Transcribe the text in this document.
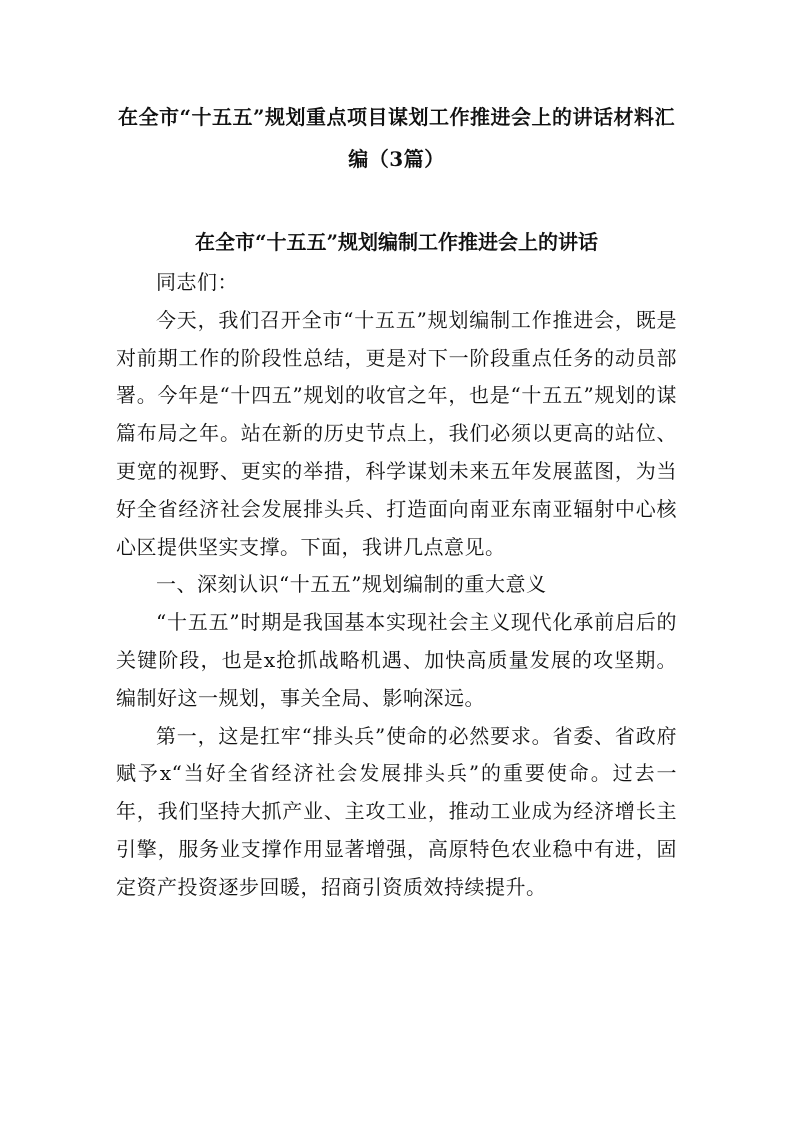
在全市“十五五”规划重点项目谋划工作推进会上的讲话材料汇编（3篇）
在全市“十五五”规划编制工作推进会上的讲话

同志们：

今天，我们召开全市“十五五”规划编制工作推进会，既是对前期工作的阶段性总结，更是对下一阶段重点任务的动员部署。今年是“十四五”规划的收官之年，也是“十五五”规划的谋篇布局之年。站在新的历史节点上，我们必须以更高的站位、更宽的视野、更实的举措，科学谋划未来五年发展蓝图，为当好全省经济社会发展排头兵、打造面向南亚东南亚辐射中心核心区提供坚实支撑。下面，我讲几点意见。

一、深刻认识“十五五”规划编制的重大意义

“十五五”时期是我国基本实现社会主义现代化承前启后的关键阶段，也是x抢抓战略机遇、加快高质量发展的攻坚期。编制好这一规划，事关全局、影响深远。

第一，这是扛牢“排头兵”使命的必然要求。省委、省政府赋予x“当好全省经济社会发展排头兵”的重要使命。过去一年，我们坚持大抓产业、主攻工业，推动工业成为经济增长主引擎，服务业支撑作用显著增强，高原特色农业稳中有进，固定资产投资逐步回暖，招商引资质效持续提升。
